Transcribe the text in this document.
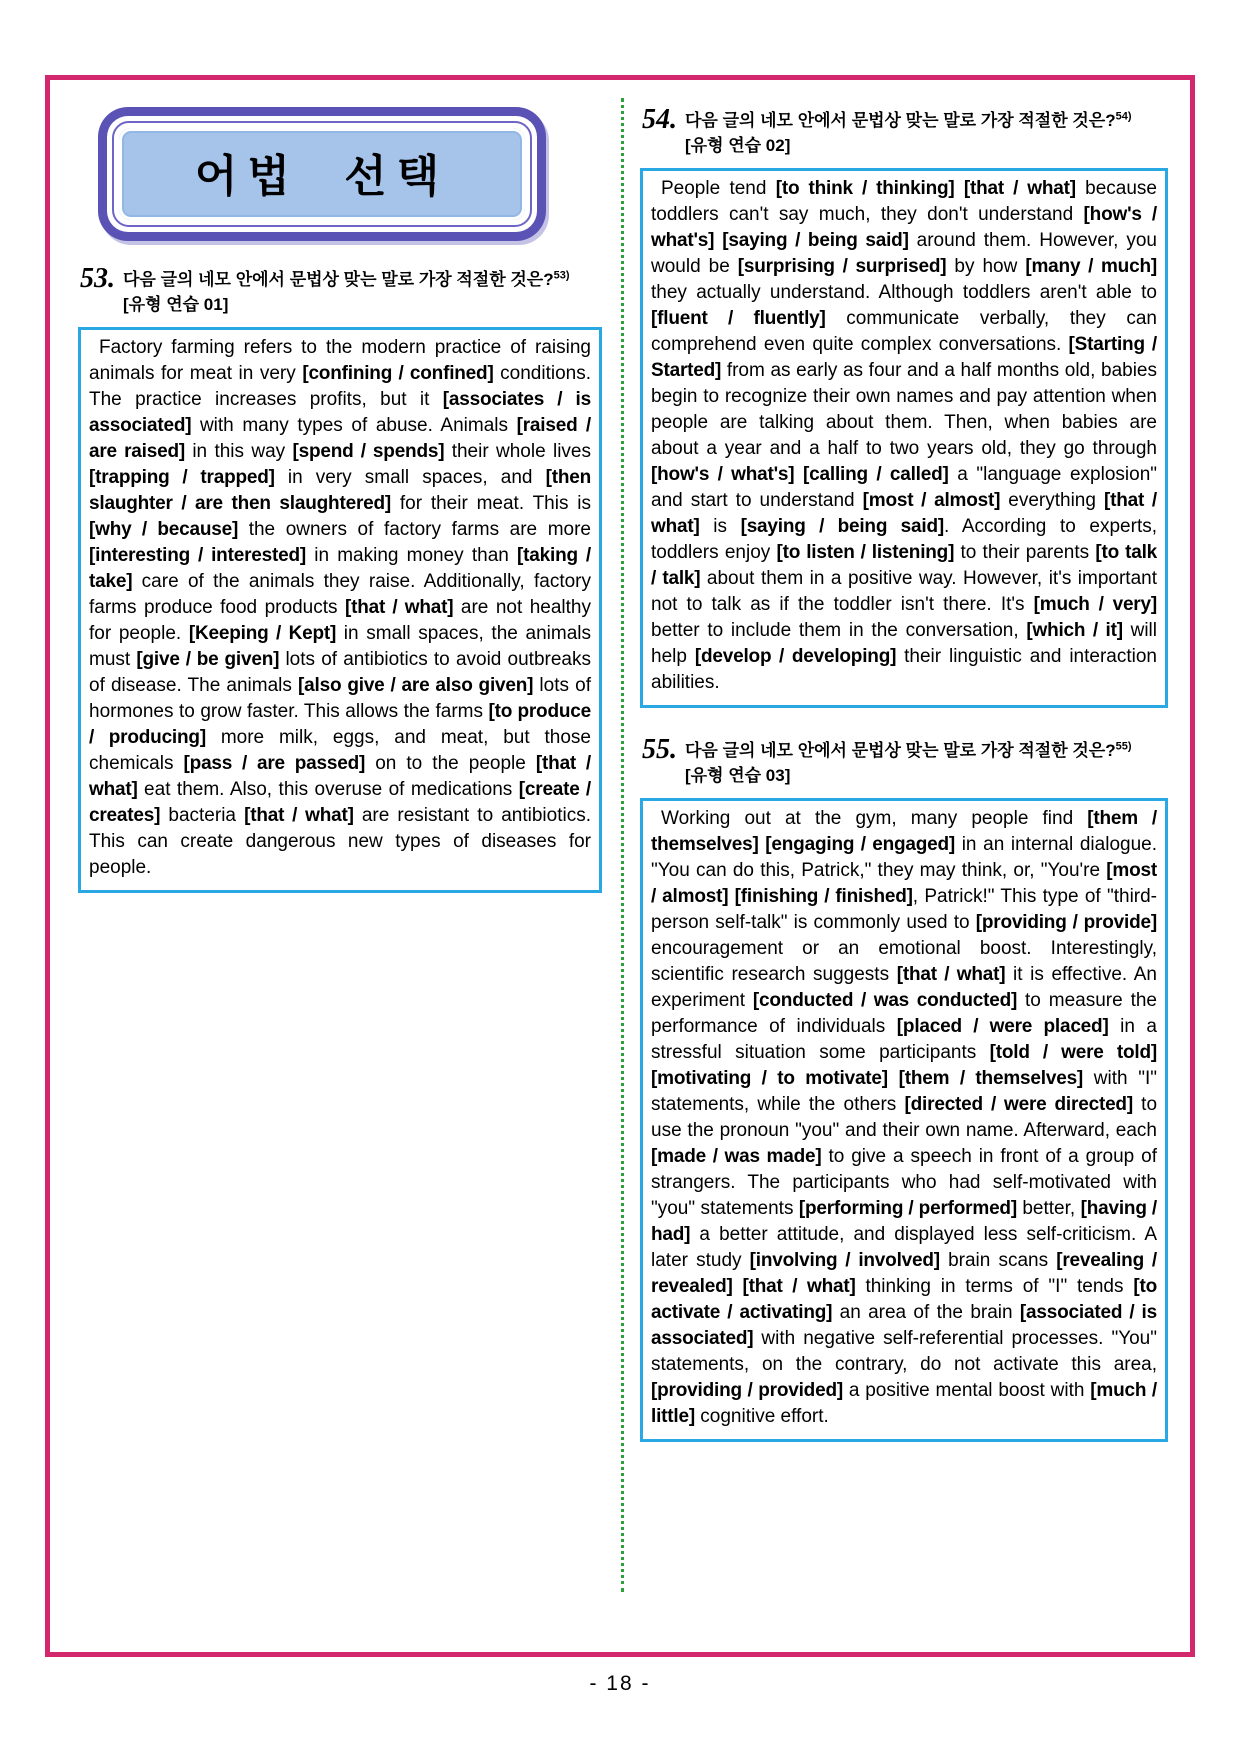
어법 선택
53. 다음 글의 네모 안에서 문법상 맞는 말로 가장 적절한 것은?$^{53)}$[유형 연습 01]

Factory farming refers to the modern practice of raising animals for meat in very [confining / confined] conditions. The practice increases profits, but it [associates / is associated] with many types of abuse. Animals [raised / are raised] in this way [spend / spends] their whole lives [trapping / trapped] in very small spaces, and [then slaughter / are then slaughtered] for their meat. This is [why / because] the owners of factory farms are more [interesting / interested] in making money than [taking / take] care of the animals they raise. Additionally, factory farms produce food products [that / what] are not healthy for people. [Keeping / Kept] in small spaces, the animals must [give / be given] lots of antibiotics to avoid outbreaks of disease. The animals [also give / are also given] lots of hormones to grow faster. This allows the farms [to produce / producing] more milk, eggs, and meat, but those chemicals [pass / are passed] on to the people [that / what] eat them. Also, this overuse of medications [create / creates] bacteria [that / what] are resistant to antibiotics. This can create dangerous new types of diseases for people.

54. 다음 글의 네모 안에서 문법상 맞는 말로 가장 적절한 것은?$^{54)}$[유형 연습 02]

People tend [to think / thinking] [that / what] because toddlers can't say much, they don't understand [how's / what's] [saying / being said] around them. However, you would be [surprising / surprised] by how [many / much] they actually understand. Although toddlers aren't able to [fluent / fluently] communicate verbally, they can comprehend even quite complex conversations. [Starting / Started] from as early as four and a half months old, babies begin to recognize their own names and pay attention when people are talking about them. Then, when babies are about a year and a half to two years old, they go through [how's / what's] [calling / called] a "language explosion" and start to understand [most / almost] everything [that / what] is [saying / being said]. According to experts, toddlers enjoy [to listen / listening] to their parents [to talk / talk] about them in a positive way. However, it's important not to talk as if the toddler isn't there. It's [much / very] better to include them in the conversation, [which / it] will help [develop / developing] their linguistic and interaction abilities.

55. 다음 글의 네모 안에서 문법상 맞는 말로 가장 적절한 것은?$^{55)}$[유형 연습 03]

Working out at the gym, many people find [them / themselves] [engaging / engaged] in an internal dialogue. "You can do this, Patrick," they may think, or, "You're [most / almost] [finishing / finished], Patrick!" This type of "third-person self-talk" is commonly used to [providing / provide] encouragement or an emotional boost. Interestingly, scientific research suggests [that / what] it is effective. An experiment [conducted / was conducted] to measure the performance of individuals [placed / were placed] in a stressful situation some participants [told / were told] [motivating / to motivate] [them / themselves] with "I" statements, while the others [directed / were directed] to use the pronoun "you" and their own name. Afterward, each [made / was made] to give a speech in front of a group of strangers. The participants who had self-motivated with "you" statements [performing / performed] better, [having / had] a better attitude, and displayed less self-criticism. A later study [involving / involved] brain scans [revealing / revealed] [that / what] thinking in terms of "I" tends [to activate / activating] an area of the brain [associated / is associated] with negative self-referential processes. "You" statements, on the contrary, do not activate this area, [providing / provided] a positive mental boost with [much / little] cognitive effort.

- 18 -
